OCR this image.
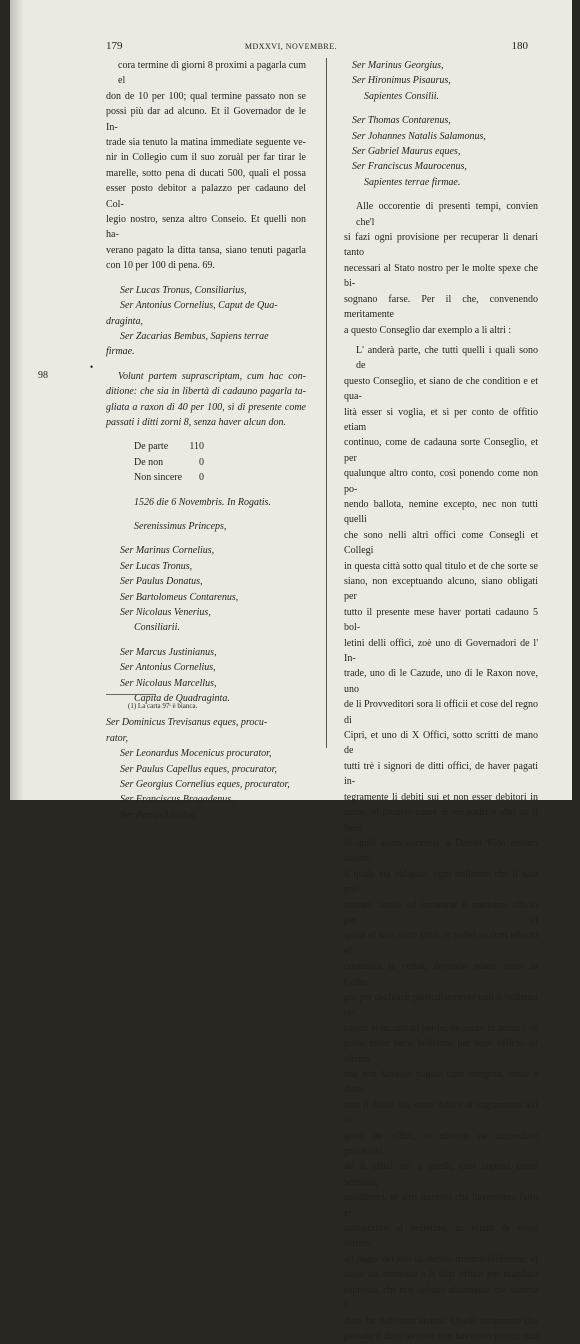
179	MDXXVI, NOVEMBRE.	180
98
•
cora termine di giorni 8 proximi a pagarla cum el
don de 10 per 100; qual termine passato non se
possi più dar ad alcuno. Et il Governador de le In-
trade sia tenuto la matina immediate seguente ve-
nir in Collegio cum il suo zoruàl per far tirar le
marelle, sotto pena di ducati 500, quali el possa
esser posto debitor a palazzo per cadauno del Col-
legio nostro, senza altro Conseio. Et quelli non ha-
verano pagato la ditta tansa, siano tenuti pagarla
con 10 per 100 di pena. 69.
Ser Lucas Tronus, Consiliarius,
Ser Antonius Cornelius, Caput de Qua-
draginta,
Ser Zacarias Bembus, Sapiens terrae
firmae.
Volunt partem suprascriptam, cum hac con-
ditione: che sia in libertà di cadauno pagarla ta-
gliata a raxon di 40 per 100, sì di presente come
passati i ditti zorni 8, senza haver alcun don.
De parte 110
De non	0
Non sincere 0
1526 die 6 Novembris. In Rogatis.
Serenissimus Princeps,
Ser Marinus Cornelius,
Ser Lucas Tronus,
Ser Paulus Donatus,
Ser Bartolomeus Contarenus,
Ser Nicolaus Venerius,
Consiliarii.
Ser Marcus Justinianus,
Ser Antonius Cornelius,
Ser Nicolaus Marcellus,
Capita de Quadraginta.
Ser Dominicus Trevisanus eques, procu-
rator,
Ser Leonardus Mocenicus procurator,
Ser Paulus Capellus eques, procurator,
Ser Georgius Cornelius eques, procurator,
Ser Franciscus Bragadenus,
Ser Petrus Landus,
Ser Marinus Georgius,
Ser Hironimus Pisaurus,
Sapientes Consilii.
Ser Thomas Contarenus,
Ser Johannes Natalis Salamonus,
Ser Gabriel Maurus eques,
Ser Franciscus Maurocenus,
Sapientes terrae firmae.
Alle occorentie di presenti tempi, convien che'l
si fazi ogni provisione per recuperar li denari tanto
necessari al Stato nostro per le molte spexe che bi-
sognano farse. Per il che, convenendo meritamente
a questo Conseglio dar exemplo a li altri :
L' anderà parte, che tutti quelli i quali sono de
questo Conseglio, et siano de che condition e et qua-
lità esser si voglia, et sì per conto de offitio etiam
continuo, come de cadauna sorte Conseglio, et per
qualunque altro conto, così ponendo come non po-
nendo ballota, nemine excepto, nec non tutti quelli
che sono nelli altri offici come Consegli et Collegi
in questa città sotto qual titulo et de che sorte se
siano, non exceptuando alcuno, siano obligati per
tutto il presente mese haver portati cadauno 5 bol-
letini delli offici, zoè uno di Governadori de l' In-
trade, uno di le Cazude, uno di le Raxon nove, uno
de li Provveditori sora li officii et cose del regno di
Cipri, et uno di X Offici, sotto scritti de mano de
tutti trè i signori de ditti offici, de haver pagati in-
tegramente li debiti sui et non esser debitori in
nome, sì proprio come di soi padri o altri ne li beni
di quali siano successi, a Daniel Vido nodaro nostro,
il quale sia obligato, ogni bolletino che li sarà pre-
sentato, andar ad incontrar il medemo officio per el
quale el sarà stato fatto, et veder se cum effecto el
contenirà la verità, dovendo etiam venir in Colle-
gio per dechiarir particularmente tutti li bolletini re-
ceputi et incontrati per lui de zorno in zorno ; nè
possi esser fatto bolletino per niun officio ad alcuno
che non havesse pagato cum integrità, come è ditto,
tutti li debiti soi, sotto debito di sagramento alli si-
gnori de offitii, et ulterius de immediate privationi
de li offici soi a quelli, cusì signori come scrivani,
coadiutori, et altri ministri che havessemo fatto et
sottoscritto al bolletino, ac etiam de esser astretti
ad pagar del suo tal debito irremissibilmente; et
cussì sia comesso a li ditti officii per mandato
espresso, che non debano altramente che sicome è
ditto far bolletino alcuno. Quelli veramente che
passato il ditto termine non haverano portati tutti
(1) La carta 97ᵗ è bianca.
